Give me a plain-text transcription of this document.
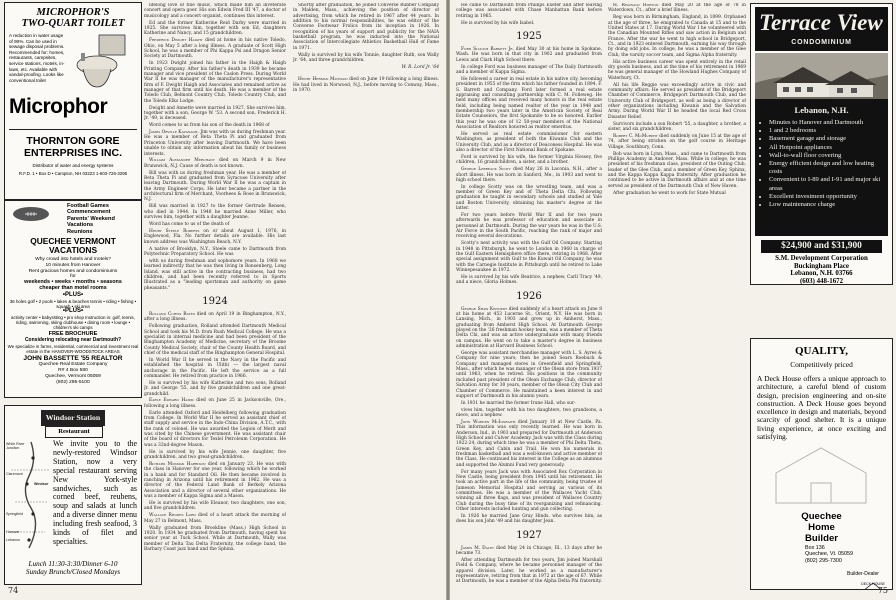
MICROPHOR'S
TWO-QUART TOILET
A reduction in water usage of 90%. Can be used in sewage disposal problems. Recommended for: homes, restaurants, campsites, service stations, motels, in-laws, etc. Available with vandal-proofing. Looks like conventional toilet
Microphor
THORNTON GORE ENTERPRISES INC.
Distributor of water and energy systems
R.F.D. 1 • Box D • Campton, NH 03223 1-603-726-3295
Football Games
Commencement
Parents' Weekend
Vacations
Reunions
QUECHEE VERMONT
VACATIONS
Why crowd into hotels and motels?
10 minutes from Hanover
Rent gracious homes and condominiums
for
weekends • weeks • months • seasons
cheaper than motel rooms
•PLUS•
36 holes golf • 2 pools • lakes & beaches tennis • riding • fishing • squash • ski area
•PLUS•
activity center • babysitting • pro shop Instruction in: golf, tennis, riding, swimming, skiing clubhouse • dining room • lounge • children's ski camps
FREE BROCHURE
Considering relocating near Dartmouth?
We specialize in farms, residential, commercial and investment real estate in the HANOVER-WOODSTOCK AREAS
JOHN BASSETTE '55 REALTOR
Quechee Real Estate Company
R# 4 Box 580
Quechee, Vermont 05059
(802) 295-5100
Windsor Station
Restaurant
White River Junction
Claremont
Windsor
Springfield
Hanover
Lebanon
We invite you to the newly-restored Windsor Station, now a very special restaurant serving New York-style sandwiches, such as corned beef, reubens, soup and salads at lunch and a diverse dinner menu including fresh seafood, 3 kinds of filet and specialties.
Lunch 11:30-3:30/Dinner 6-10
Sunday Brunch/Closed Mondays

lifelong love of fine music, which made him an inveterate concert and opera goer. His son Edwin Fred III '47, a doctor of musicology and a concert organist, continues this interest.

Ed and the former Katherine Reid Darby were married in 1925. She survives him, together with son Ed, daughters Katherine and Nancy, and 15 grandchildren.

Frederick Dwight Haight died at home in his native Toledo, Ohio, on May 5 after a long illness. A graduate of Scott High School, he was a member of Phi Kappa Psi and Dragon Senior Society at Dartmouth.

In 1923 Dwight joined his father in the Haigh & Haigh Printing Company. After his father's death in 1939 he became manager and vice president of the Caslon Press. During World War II he was manager of the manufacturer's representative firm of F. Dwight Haigh and Associates and remained active as manager of that firm until his death. He was a member of the Toledo Club, Belmont Country Club, Toledo Country Club, and the Toledo Elks Lodge.

Dwight and Annette were married in 1927. She survives him, together with a son, George W. '53. A second son, Frederick H. Jr. '49, is deceased.

Word comes to us from his son of the death in 1968 of

James Orville Kavanagh. Jim was with us during freshman year. He was a member of Beta Theta Pi and graduated from Princeton University after leaving Dartmouth. We have been unable to obtain any information about his family or business interests.

William Alexander Merchant died on March 9 in New Brunswick, N.J. Cause of death is not known.

Bill was with us during freshman year. He was a member of Beta Theta Pi and graduated from Syracuse University after leaving Dartmouth. During World War II he was a captain in the Army Engineer Corps. He later became a partner in the architectural firm of Merchant, Voorhees & Rose in Brunswick, N.J.

Bill was married in 1927 to the former Gertrude Rensen, who died in 1944. In 1948 he married Anne Miller, who survives him, together with a daughter Jeanne.

Word has come to us of the death of

Henry Steele Roberts on or about August 1, 1976, in Englewood, Fla. No further details are available. His last known address was Washington Beach, N.Y.

A native of Brooklyn, N.Y., Steele came to Dartmouth from Polytechnic Preparatory School. He was

with us during freshman and sophomore years. In 1968 we learned indirectly that he was then living in Ronsenberg, Long Island, was still active in the contracting business, had two children, and had been recently referred to in Sports Illustrated as a "leading sportsman and authority on game pheasants."

1924

Rolland Curtis Bates died on April 19 in Binghampton, N.Y., after a long illness.

Following graduation, Rolland attended Dartmouth Medical School and took his M.D. from Rush Medical College. He was a specialist in internal medicine and had been president of the Binghampton Academy of Medicine, secretary of the Broome County Medical Society, chair of the County Health Board, and chief of the medical staff of the Binghampton General Hospital.

In World War II he served in the Navy in the Pacific and established the hospital in Ulithi — the largest naval anchorage in the Pacific. He left the service as a full commander. He retired from practice in 1966.

He is survived by his wife Katherine and two sons, Rolland Jr. and George '55, and by five grandchildren and one great-grandchild.

Earle Edward Hamm died on June 25 in Jacksonville, Ore., following a long illness.

Earle attended Oxford and Heidelberg following graduation from College. In World War II he served as assistant chief of staff supply and service in the Indo-China Division, A.T.C., with the rank of colonel. He was awarded the Legion of Merit and was cited by the Chinese government. He was assistant chair of the board of directors for Texlel Petroleum Corporation. He was a 32nd-degree Mason.

He is survived by his wife Jennie, one daughter, five grandchildren, and two great-grandchildren.

Richard Mosman Harrison died on January 23. He was with the class in Hanover for one year, following which he worked in a bank and for Standard Oil. He then became involved in ranching in Arizona until his retirement in 1962. He was a director of the Federal Land Bank of Berkely Arizona Association and a director of several other organizations. He was a member of Kappa Sigma and a Mason.

He is survived by his wife Eleanor, two daughters, one son, and five grandchildren.

Wallace Rhodes Lord died of a heart attack the morning of May 27 in Belmont, Mass.

Wally graduated from Brookline (Mass.) High School in 1920. In 1934 he graduated from Dartmouth, having spent his senior year at Tuck School. While at Dartmouth, Wally was member of Delta Tau Delta Fraternity, the college band, the Barbary Coast jazz band and the Sphinx.

Shortly after graduation, he joined Converse Rubber Company in Malden, Mass., achieving the position of director of advertising, from which he retired in 1967 after 44 years. In addition to his normal responsibilities, he was editor of the Converse Footwear Frolics from its inception in 1926. In recognition of his years of support and publicity for the NAIA basketball program, he was inducted into the National Association of Intercollegiate Athletics Basketball Hall of Fame in 1971.

Wally is survived by his wife Tonnie, daughter Ruth, son Wally Jr. '64, and three grandchildren.

W. R. Lord Jr. '64

Henry Herman Michaud died on June 19 following a long illness. He had lived in Norwood, N.J., before moving to Conway, Mass., in 1970.

74

He came to Dartmouth from Phillips Exeter and after leaving college was associated with Chase Manhattan Bank before retiring in 1965.

He is survived by his wife Isabel.

1925

Ford Slocum Barkett Jr. died May 30 at his home in Spokane, Wash. He was born in that city in 1902 and graduated from Lewis and Clark High School there.

In college Ford was business manager of The Daily Dartmouth and a member of Kappa Sigma.

He followed a career in real estate in his native city, becoming president in 1955 of the firm which his father founded in 1894, F. S. Barrett and Company. Ford later formed a real estate appraising and consulting partnership with C. M. Folleweg. He held many offices and received many honors in the real estate field, including being named realtor of the year in 1948 and membership two years later in the American Society of Real Estate Counselors, the first Spokanite to be so honored. Earlier this year he was one of 12 50-year members of the National Association of Realtors honored as realtor emeritus.

He served as real estate commissioner for eastern Washington, as president of both the Kiwanis Club and the University Club, and as a director of Deaconess Hospital. He was also a director of the First National Bank of Spokane.

Ford is survived by his wife, the former Virginia Hossey, five children, 16 grandchildren, a sister, and a brother.

George Lebreack Scott died May 26 in Laconia, N.H., after a short illness. He was born in Sanford, Me., in 1903 and went to high school there.

In college Scotty was on the wrestling team, and was a member of Green Key and of Theta Delta Chi. Following graduation he taught in secondary schools and studied at Yale and Boston University, obtaining his master's degree at the latter.

For two years before World War II and for two years afterwards he was professor of education and associate in personnel at Dartmouth. During the war years he was in the U.S. Air Force in the South Pacific, reaching the rank of major and receiving several decorations.

Scotty's next activity was with the Gulf Oil Company. Starting in 1948 in Pittsburgh, he went to London in 1960 in charge of the Gulf Eastern Hemisphere office there, retiring in 1968. After special assignment with Gulf to the Kuwait Oil Company, he was with the Carnegie Institute in Pittsburgh until he retired to Lake Winnepesaukee in 1972.

He is survived by his wife Beatrice, a nephew, Carll Tracy '49, and a niece, Gloria Holmes.

1926

George Shaw Kennedy died suddenly of a heart attack on June 8 at his home at 453 Lucerne St., Orient, N.Y. He was born in Lansing, Mich., in 1903 and grew up in Amherst, Mass., graduating from Amherst High School. At Dartmouth George played on the '26 freshman hockey team, was a member of Theta Delta Chi, and was an active undergraduate with many friends on campus. He went on to take a master's degree in business administration at Harvard Business School.

George was assistant merchandise manager with L. S. Ayres & Company for nine years; then he joined Sears Roebuck & Company and managed stores in Greenfield and Springfield, Mass., after which he was manager of the Olean store from 1937 until 1963, when he retired. His positions in the community included past president of the Olean Exchange Club, director of Salvation Army for 30 years, member of the Olean City Club and Chamber of Commerce. He maintained a keen interest in and support of Dartmouth in his alumni years.

In 1931 he married the former Irune Hall, who sur-

vives him, together with his two daughters, two grandsons, a niece, and a nephew.

John Worden McIlwraith died January 10 at New Castle, Pa. This information was only recently learned. He was born in Anderson, Ind., in 1903 and prepared for Dartmouth at Anderson High School and Culver Academy. Jack was with the Class during 1922-24, during which time he was a member of Phi Delta Theta, Green Key, and Cabin and Trail. He won his numerals in freshman basketball and was a well-known and active member of the Class. He continued his interest in the College as an alumnus and supported the Alumni Fund very generously.

For many years Jack was with Associated Box Corporation in New Castle, being president from 1945 until his retirement. He took an active part in the life of the community, being trustee of Jameson Memorial Hospital and serving as various of its committees. He was a member of the Wallaces Yacht Club, winning all three flags, and was president of Wallaces Country Club during the busy time of its reorganizing and refinancing. Other interests included hunting and gun collecting.

In 1926 he married Jane Gray Hinds, who survives him, as does his son John '49 and his daughter Jean.

1927

James M. Daley died May 24 in Chicago, Ill., 13 days after he became 73.

After attending Dartmouth for two years, Jim joined Marshall Field & Company, where he became personnel manager of the apparel division. Later, he worked as a manufacturer's representative, retiring from that in 1972 at the age of 67. While at Dartmouth, he was a member of the Alpha Delta Phi fraternity.

H. Reginald Horton died May 20 at the age of 78 in Waterdown, Ct., after a brief illness.

Reg was born in Birmingham, England, in 1899. Orphaned at the age of three, he emigrated to Canada at 15 and to the United States at 17. During World War I he volunteered with the Canadian Mounted Rifles and saw action in Belgium and France. After the war he went to high school in Bridgeport, Ct., and in 1923 entered Dartmouth, earning his way through by doing odd jobs. In college, he was a member of the Glee Club, the varsity soccer team, and Sigma Alpha fraternity.

His active business career was spent entirely in the retail dry goods business, and at the time of his retirement in 1969 he was general manager of the Howland Hughes Company of Waterbury, Ct.

All his life Reggie was exceedingly active in civic and community affairs. He served as president of the Bridgeport Chamber of Commerce, Bridgeport Dartmouth Club, and the University Club of Bridgeport, as well as being a director of other organizations including Kiwanis and the Salvation Army. During World War II he headed the local Red Cross Disaster Relief.

Survivors include a son Robert '55, a daughter, a brother, a sister, and six grandchildren.

Robert C. McMurphy died suddenly on June 15 at the age of 74, after being stricken on the golf course in Heritage Village, Southbury, Conn.

Bob was born in Lynn, Mass., and came to Dartmouth from Phillips Academy in Andover, Mass. While in college, he was president of his freshman class, president of the Outing Club, leader of the Glee Club, and a member of Green Key, Sphinx, and the Kappa Kappa Kappa fraternity. After graduation he continued to be active in Dartmouth affairs and at one time served as president of the Dartmouth Club of New Haven.

After graduation he went to work for State Mutual

Terrace View
CONDOMINIUM
Lebanon, N.H.
• Minutes to Hanover and Dartmouth
• 1 and 2 bedrooms
• Basement garage and storage
• All Hotpoint appliances
• Wall-to-wall floor covering
• Energy efficient design and low heating costs
• Convenient to I-89 and I-91 and major ski areas
• Excellent investment opportunity
• Low maintenance charge
$24,900 and $31,900
S.M. Development Corporation
Buckingham Place
Lebanon, N.H. 03766
(603) 448-1672
QUALITY,
Competitively priced
A Deck House offers a unique approach to architecture, a careful blend of custom design, precision engineering and on-site construction. A Deck House goes beyond excellence in design and materials, beyond scarcity of good shelter. It is a unique living experience, at once exciting and satisfying.
Quechee
Home
Builder
Box 136
Quechee, Vt. 05059
(802) 295-7300
Builder-Dealer
DECK HOUSE
75
